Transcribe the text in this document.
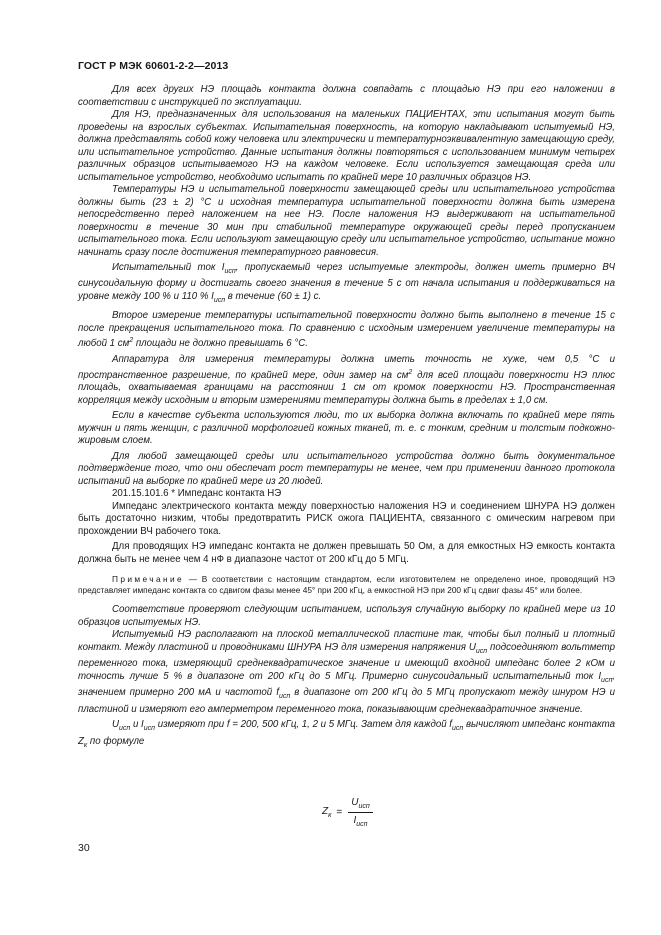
ГОСТ Р МЭК 60601-2-2—2013

Для всех других НЭ площадь контакта должна совпадать с площадью НЭ при его наложении в соответствии с инструкцией по эксплуатации.

Для НЭ, предназначенных для использования на маленьких ПАЦИЕНТАХ, эти испытания могут быть проведены на взрослых субъектах. Испытательная поверхность, на которую накладывают испытуемый НЭ, должна представлять собой кожу человека или электрически и температурноэквивалентную замещающую среду, или испытательное устройство. Данные испытания должны повторяться с использованием минимум четырех различных образцов испытываемого НЭ на каждом человеке. Если используется замещающая среда или испытательное устройство, необходимо испытать по крайней мере 10 различных образцов НЭ.

Температуры НЭ и испытательной поверхности замещающей среды или испытательного устройства должны быть (23 ± 2) °С и исходная температура испытательной поверхности должна быть измерена непосредственно перед наложением на нее НЭ. После наложения НЭ выдерживают на испытательной поверхности в течение 30 мин при стабильной температуре окружающей среды перед пропусканием испытательного тока. Если используют замещающую среду или испытательное устройство, испытание можно начинать сразу после достижения температурного равновесия.

Испытательный ток $I_{исп}$, пропускаемый через испытуемые электроды, должен иметь примерно ВЧ синусоидальную форму и достигать своего значения в течение 5 с от начала испытания и поддерживаться на уровне между 100 % и 110 % $I_{исп}$ в течение (60 ± 1) с.

Второе измерение температуры испытательной поверхности должно быть выполнено в течение 15 с после прекращения испытательного тока. По сравнению с исходным измерением увеличение температуры на любой 1 $см^2$ площади не должно превышать 6 °С.

Аппаратура для измерения температуры должна иметь точность не хуже, чем 0,5 °С и пространственное разрешение, по крайней мере, один замер на $см^2$ для всей площади поверхности НЭ плюс площадь, охватываемая границами на расстоянии 1 см от кромок поверхности НЭ. Пространственная корреляция между исходным и вторым измерениями температуры должна быть в пределах ± 1,0 см.

Если в качестве субъекта используются люди, то их выборка должна включать по крайней мере пять мужчин и пять женщин, с различной морфологией кожных тканей, т. е. с тонким, средним и толстым подкожно-жировым слоем.

Для любой замещающей среды или испытательного устройства должно быть документальное подтверждение того, что они обеспечат рост температуры не менее, чем при применении данного протокола испытаний на выборке по крайней мере из 20 людей.

201.15.101.6 * Импеданс контакта НЭ

Импеданс электрического контакта между поверхностью наложения НЭ и соединением ШНУРА НЭ должен быть достаточно низким, чтобы предотвратить РИСК ожога ПАЦИЕНТА, связанного с омическим нагревом при прохождении ВЧ рабочего тока.

Для проводящих НЭ импеданс контакта не должен превышать 50 Ом, а для емкостных НЭ емкость контакта должна быть не менее чем 4 нФ в диапазоне частот от 200 кГц до 5 МГц.

Примечание — В соответствии с настоящим стандартом, если изготовителем не определено иное, проводящий НЭ представляет импеданс контакта со сдвигом фазы менее 45° при 200 кГц, а емкостной НЭ при 200 кГц сдвиг фазы 45° или более.

Соответствие проверяют следующим испытанием, используя случайную выборку по крайней мере из 10 образцов испытуемых НЭ.

Испытуемый НЭ располагают на плоской металлической пластине так, чтобы был полный и плотный контакт. Между пластиной и проводниками ШНУРА НЭ для измерения напряжения $U_{исп}$ подсоединяют вольтметр переменного тока, измеряющий среднеквадратическое значение и имеющий входной импеданс более 2 кОм и точность лучше 5 % в диапазоне от 200 кГц до 5 МГц. Примерно синусоидальный испытательный ток $I_{исп}$, значением примерно 200 мА и частотой $f_{исп}$ в диапазоне от 200 кГц до 5 МГц пропускают между шнуром НЭ и пластиной и измеряют его амперметром переменного тока, показывающим среднеквадратичное значение.

$U_{исп}$ и $I_{исп}$ измеряют при f = 200, 500 кГц, 1, 2 и 5 МГц. Затем для каждой $f_{исп}$ вычисляют импеданс контакта $Z_к$ по формуле

$Z_к = \frac{U_{исп}}{I_{исп}}$
30
